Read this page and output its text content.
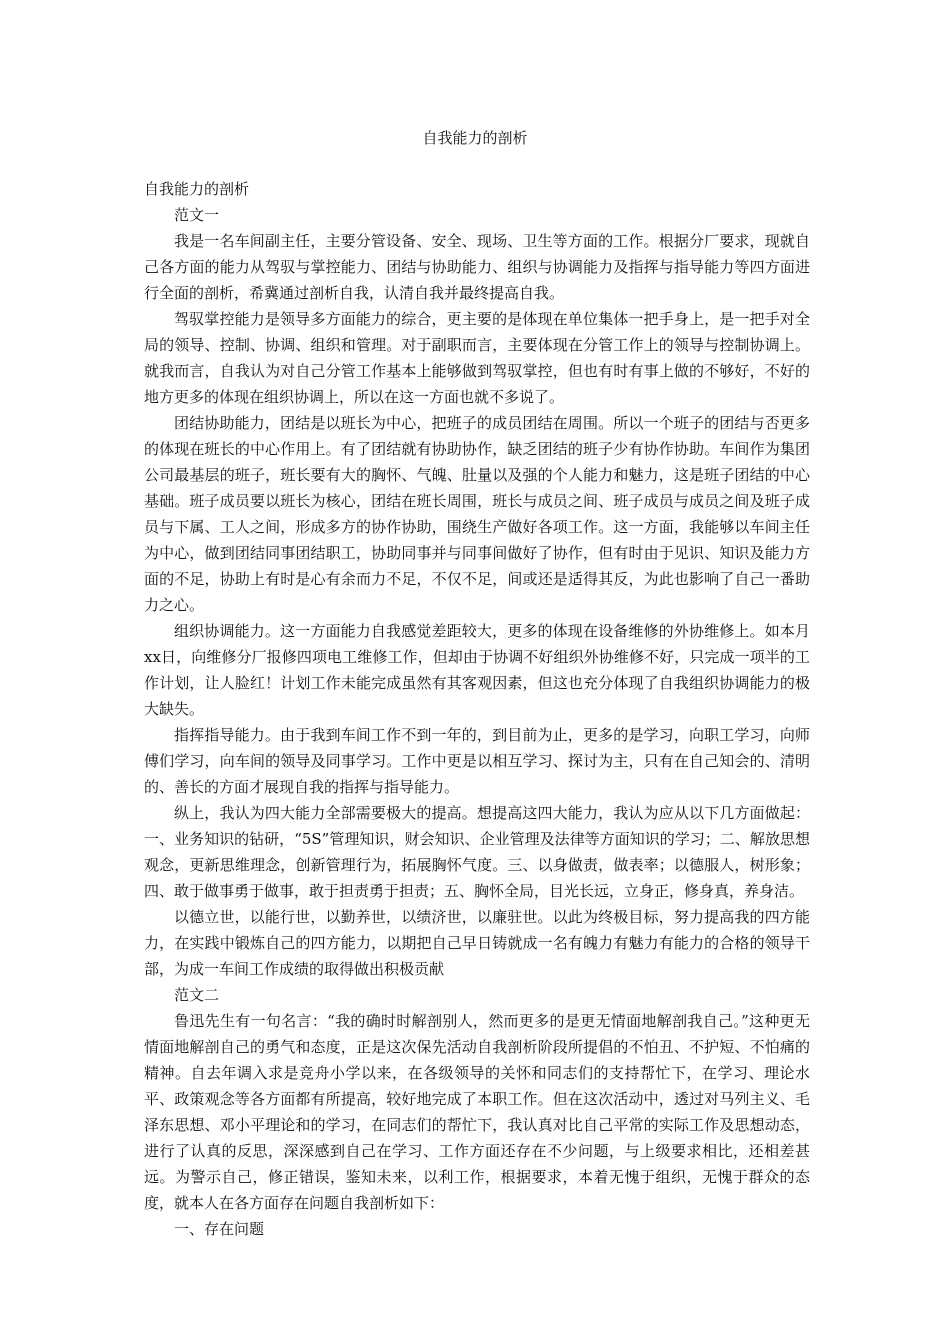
自我能力的剖析

自我能力的剖析

范文一

我是一名车间副主任，主要分管设备、安全、现场、卫生等方面的工作。根据分厂要求，现就自己各方面的能力从驾驭与掌控能力、团结与协助能力、组织与协调能力及指挥与指导能力等四方面进行全面的剖析，希冀通过剖析自我，认清自我并最终提高自我。

驾驭掌控能力是领导多方面能力的综合，更主要的是体现在单位集体一把手身上，是一把手对全局的领导、控制、协调、组织和管理。对于副职而言，主要体现在分管工作上的领导与控制协调上。就我而言，自我认为对自己分管工作基本上能够做到驾驭掌控，但也有时有事上做的不够好，不好的地方更多的体现在组织协调上，所以在这一方面也就不多说了。

团结协助能力，团结是以班长为中心，把班子的成员团结在周围。所以一个班子的团结与否更多的体现在班长的中心作用上。有了团结就有协助协作，缺乏团结的班子少有协作协助。车间作为集团公司最基层的班子，班长要有大的胸怀、气魄、肚量以及强的个人能力和魅力，这是班子团结的中心基础。班子成员要以班长为核心，团结在班长周围，班长与成员之间、班子成员与成员之间及班子成员与下属、工人之间，形成多方的协作协助，围绕生产做好各项工作。这一方面，我能够以车间主任为中心，做到团结同事团结职工，协助同事并与同事间做好了协作，但有时由于见识、知识及能力方面的不足，协助上有时是心有余而力不足，不仅不足，间或还是适得其反，为此也影响了自己一番助力之心。

组织协调能力。这一方面能力自我感觉差距较大，更多的体现在设备维修的外协维修上。如本月xx日，向维修分厂报修四项电工维修工作，但却由于协调不好组织外协维修不好，只完成一项半的工作计划，让人脸红！计划工作未能完成虽然有其客观因素，但这也充分体现了自我组织协调能力的极大缺失。

指挥指导能力。由于我到车间工作不到一年的，到目前为止，更多的是学习，向职工学习，向师傅们学习，向车间的领导及同事学习。工作中更是以相互学习、探讨为主，只有在自己知会的、清明的、善长的方面才展现自我的指挥与指导能力。

纵上，我认为四大能力全部需要极大的提高。想提高这四大能力，我认为应从以下几方面做起：一、业务知识的钻研，“5S”管理知识，财会知识、企业管理及法律等方面知识的学习；二、解放思想观念，更新思维理念，创新管理行为，拓展胸怀气度。三、以身做责，做表率；以德服人，树形象；四、敢于做事勇于做事，敢于担责勇于担责；五、胸怀全局，目光长远，立身正，修身真，养身洁。

以德立世，以能行世，以勤养世，以绩济世，以廉驻世。以此为终极目标，努力提高我的四方能力，在实践中锻炼自己的四方能力，以期把自己早日铸就成一名有魄力有魅力有能力的合格的领导干部，为成一车间工作成绩的取得做出积极贡献

范文二

鲁迅先生有一句名言：“我的确时时解剖别人，然而更多的是更无情面地解剖我自己。”这种更无情面地解剖自己的勇气和态度，正是这次保先活动自我剖析阶段所提倡的不怕丑、不护短、不怕痛的精神。自去年调入求是竞舟小学以来，在各级领导的关怀和同志们的支持帮忙下，在学习、理论水平、政策观念等各方面都有所提高，较好地完成了本职工作。但在这次活动中，透过对马列主义、毛泽东思想、邓小平理论和的学习，在同志们的帮忙下，我认真对比自己平常的实际工作及思想动态，进行了认真的反思，深深感到自己在学习、工作方面还存在不少问题，与上级要求相比，还相差甚远。为警示自己，修正错误，鉴知未来，以利工作，根据要求，本着无愧于组织，无愧于群众的态度，就本人在各方面存在问题自我剖析如下：

一、存在问题
